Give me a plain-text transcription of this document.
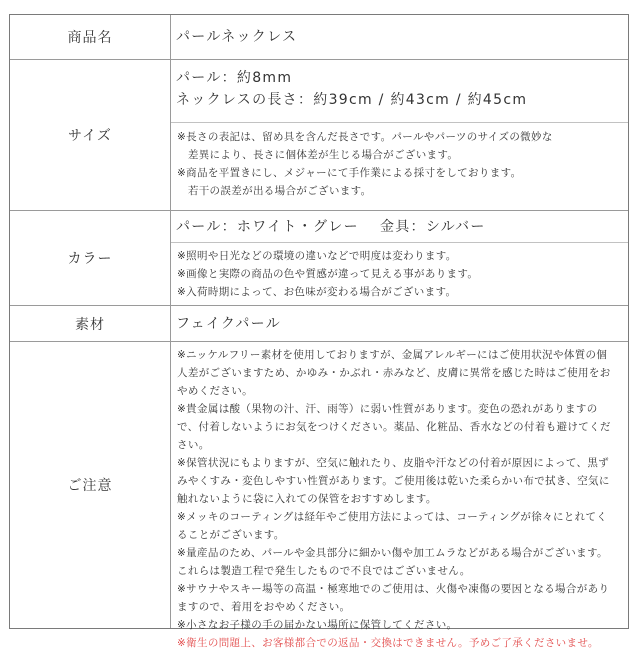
商品名	パールネックレス
サイズ
パール：約8mm
ネックレスの長さ：約39cm / 約43cm / 約45cm
※長さの表記は、留め具を含んだ長さです。パールやパーツのサイズの微妙な
　差異により、長さに個体差が生じる場合がございます。
※商品を平置きにし、メジャーにて手作業による採寸をしております。
　若干の誤差が出る場合がございます。
カラー
パール：ホワイト・グレー　 金具：シルバー
※照明や日光などの環境の違いなどで明度は変わります。
※画像と実際の商品の色や質感が違って見える事があります。
※入荷時期によって、お色味が変わる場合がございます。
素材	フェイクパール
ご注意
※ニッケルフリー素材を使用しておりますが、金属アレルギーにはご使用状況や体質の個
人差がございますため、かゆみ・かぶれ・赤みなど、皮膚に異常を感じた時はご使用をお
やめください。
※貴金属は酸（果物の汁、汗、雨等）に弱い性質があります。変色の恐れがありますの
で、付着しないようにお気をつけください。薬品、化粧品、香水などの付着も避けてくだ
さい。
※保管状況にもよりますが、空気に触れたり、皮脂や汗などの付着が原因によって、黒ず
みやくすみ・変色しやすい性質があります。ご使用後は乾いた柔らかい布で拭き、空気に
触れないように袋に入れての保管をおすすめします。
※メッキのコーティングは経年やご使用方法によっては、コーティングが徐々にとれてく
ることがございます。
※量産品のため、パールや金具部分に細かい傷や加工ムラなどがある場合がございます。
これらは製造工程で発生したもので不良ではございません。
※サウナやスキー場等の高温・極寒地でのご使用は、火傷や凍傷の要因となる場合があり
ますので、着用をおやめください。
※小さなお子様の手の届かない場所に保管してください。
※衛生の問題上、お客様都合での返品・交換はできません。予めご了承くださいませ。
